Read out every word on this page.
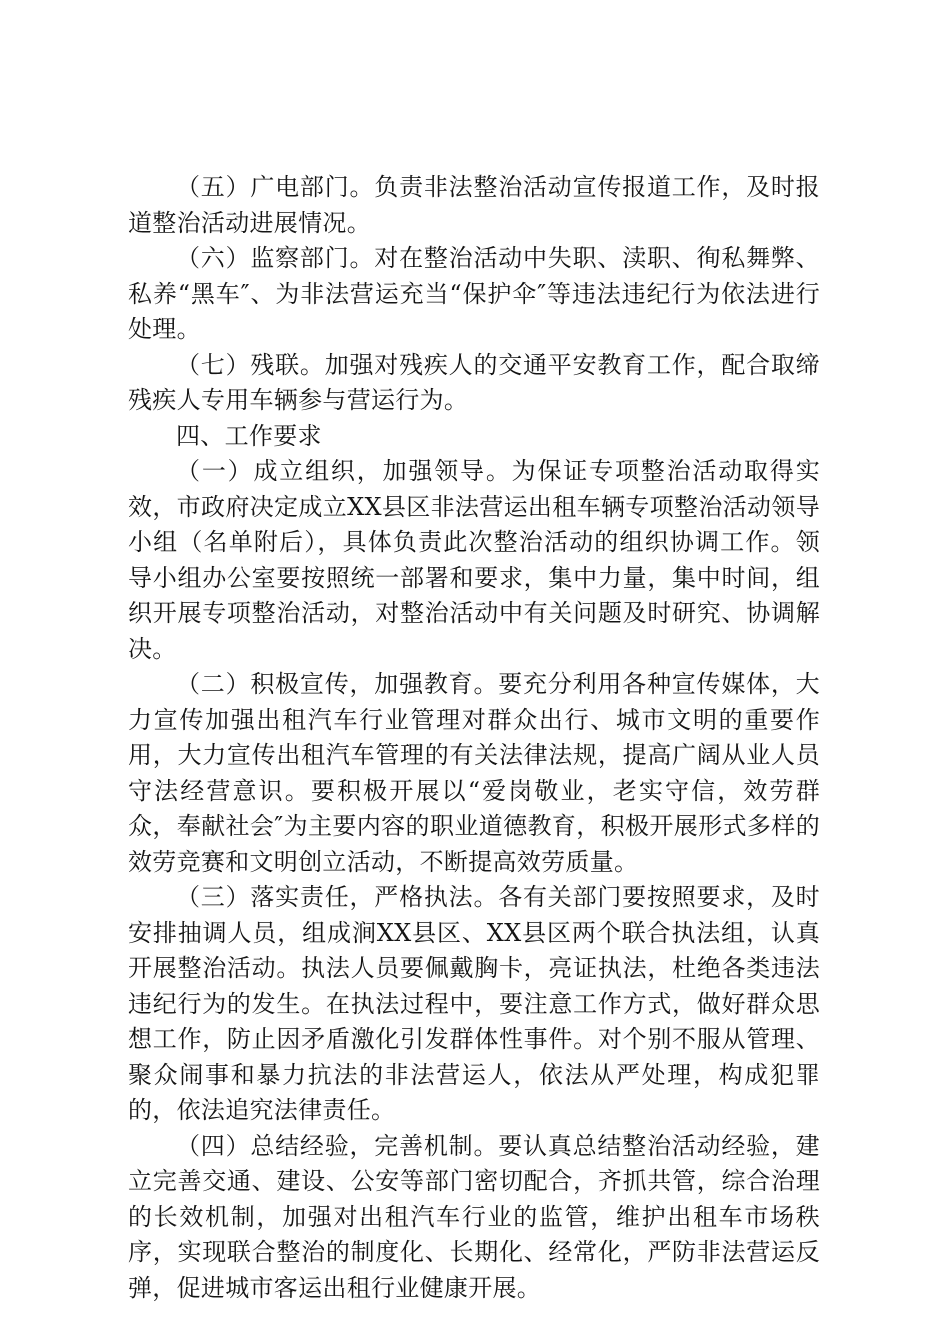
（五）广电部门。负责非法整治活动宣传报道工作，及时报道整治活动进展情况。

（六）监察部门。对在整治活动中失职、渎职、徇私舞弊、私养“黑车″、为非法营运充当“保护伞″等违法违纪行为依法进行处理。

（七）残联。加强对残疾人的交通平安教育工作，配合取缔残疾人专用车辆参与营运行为。

四、工作要求

（一）成立组织，加强领导。为保证专项整治活动取得实效，市政府决定成立XX县区非法营运出租车辆专项整治活动领导小组（名单附后），具体负责此次整治活动的组织协调工作。领导小组办公室要按照统一部署和要求，集中力量，集中时间，组织开展专项整治活动，对整治活动中有关问题及时研究、协调解决。

（二）积极宣传，加强教育。要充分利用各种宣传媒体，大力宣传加强出租汽车行业管理对群众出行、城市文明的重要作用，大力宣传出租汽车管理的有关法律法规，提高广阔从业人员守法经营意识。要积极开展以“爱岗敬业，老实守信，效劳群众，奉献社会″为主要内容的职业道德教育，积极开展形式多样的效劳竞赛和文明创立活动，不断提高效劳质量。

（三）落实责任，严格执法。各有关部门要按照要求，及时安排抽调人员，组成涧XX县区、XX县区两个联合执法组，认真开展整治活动。执法人员要佩戴胸卡，亮证执法，杜绝各类违法违纪行为的发生。在执法过程中，要注意工作方式，做好群众思想工作，防止因矛盾激化引发群体性事件。对个别不服从管理、聚众闹事和暴力抗法的非法营运人，依法从严处理，构成犯罪的，依法追究法律责任。

（四）总结经验，完善机制。要认真总结整治活动经验，建立完善交通、建设、公安等部门密切配合，齐抓共管，综合治理的长效机制，加强对出租汽车行业的监管，维护出租车市场秩序，实现联合整治的制度化、长期化、经常化，严防非法营运反弹，促进城市客运出租行业健康开展。
